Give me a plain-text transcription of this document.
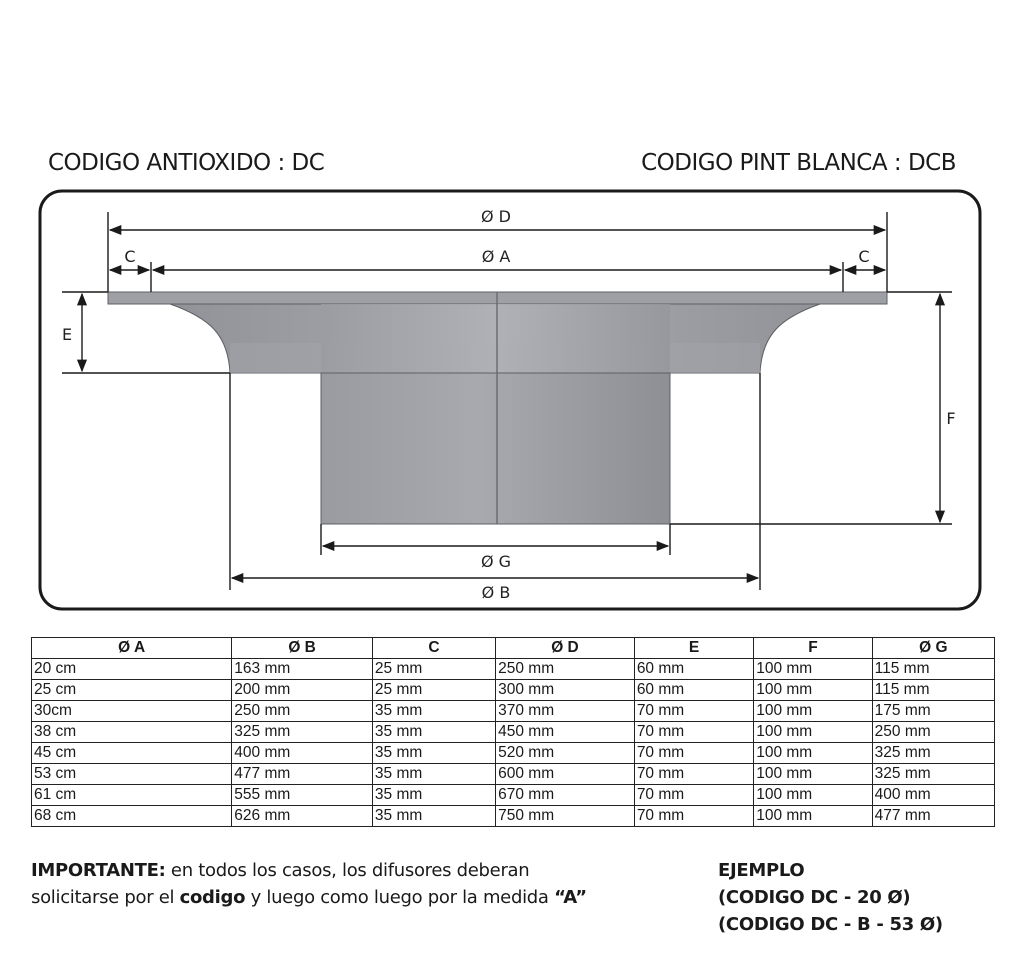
CODIGO ANTIOXIDO : DC	CODIGO PINT BLANCA : DCB
Ø D
Ø A
C	C
E
F
Ø G
Ø B
Ø A	Ø B	C	Ø D	E	F	Ø G
20 cm	163 mm	25 mm	250 mm	60 mm	100 mm	115 mm
25 cm	200 mm	25 mm	300 mm	60 mm	100 mm	115 mm
30cm	250 mm	35 mm	370 mm	70 mm	100 mm	175 mm
38 cm	325 mm	35 mm	450 mm	70 mm	100 mm	250 mm
45 cm	400 mm	35 mm	520 mm	70 mm	100 mm	325 mm
53 cm	477 mm	35 mm	600 mm	70 mm	100 mm	325 mm
61 cm	555 mm	35 mm	670 mm	70 mm	100 mm	400 mm
68 cm	626 mm	35 mm	750 mm	70 mm	100 mm	477 mm
IMPORTANTE: en todos los casos, los difusores deberan
solicitarse por el codigo y luego como luego por la medida “A”
EJEMPLO
(CODIGO DC - 20 Ø)
(CODIGO DC - B - 53 Ø)
